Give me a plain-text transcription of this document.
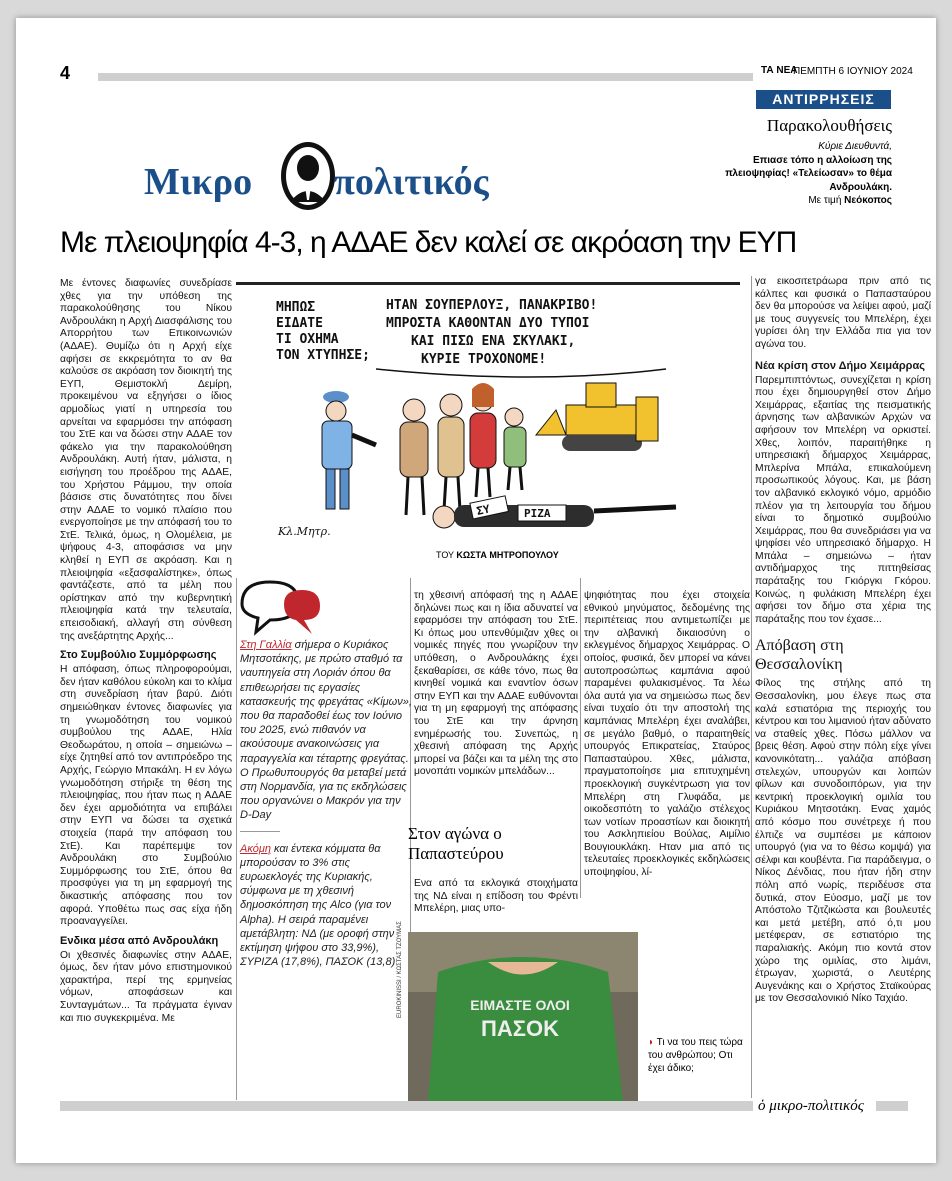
4	ΤΑ ΝΕΑ
ΠΕΜΠΤΗ 6 ΙΟΥΝΙΟΥ 2024
ΑΝΤΙΡΡΗΣΕΙΣ
Παρακολουθήσεις
Κύριε Διευθυντά,
Επιασε τόπο η αλλοίωση της πλειοψηφίας! «Τελείωσαν» το θέμα Ανδρουλάκη.
Με τιμή Νεόκοπος
Μικρο πολιτικός
Με πλειοψηφία 4-3, η ΑΔΑΕ δεν καλεί σε ακρόαση την ΕΥΠ

Με έντονες διαφωνίες συνεδρίασε χθες για την υπόθεση της παρακολούθησης του Νίκου Ανδρουλάκη η Αρχή Διασφάλισης του Απορρήτου των Επικοινωνιών (ΑΔΑΕ). Θυμίζω ότι η Αρχή είχε αφήσει σε εκκρεμότητα το αν θα καλούσε σε ακρόαση τον διοικητή της ΕΥΠ, Θεμιστοκλή Δεμίρη, προκειμένου να εξηγήσει ο ίδιος αρμοδίως γιατί η υπηρεσία του αρνείται να εφαρμόσει την απόφαση του ΣτΕ και να δώσει στην ΑΔΑΕ τον φάκελο για την παρακολούθηση Ανδρουλάκη. Αυτή ήταν, μάλιστα, η εισήγηση του προέδρου της ΑΔΑΕ, του Χρήστου Ράμμου, την οποία βάσισε στις δυνατότητες που δίνει στην ΑΔΑΕ το νομικό πλαίσιο που ενεργοποίησε με την απόφασή του το ΣτΕ. Τελικά, όμως, η Ολομέλεια, με ψήφους 4-3, αποφάσισε να μην κληθεί η ΕΥΠ σε ακρόαση. Και η πλειοψηφία «εξασφαλίστηκε», όπως φαντάζεστε, από τα μέλη που ορίστηκαν από την κυβερνητική πλειοψηφία κατά την τελευταία, επεισοδιακή, αλλαγή στη σύνθεση της ανεξάρτητης Αρχής...

Στο Συμβούλιο Συμμόρφωσης

Η απόφαση, όπως πληροφορούμαι, δεν ήταν καθόλου εύκολη και το κλίμα στη συνεδρίαση ήταν βαρύ. Διότι σημειώθηκαν έντονες διαφωνίες για τη γνωμοδότηση του νομικού συμβούλου της ΑΔΑΕ, Ηλία Θεοδωράτου, η οποία – σημειώνω – είχε ζητηθεί από τον αντιπρόεδρο της Αρχής, Γεώργιο Μπακάλη. Η εν λόγω γνωμοδότηση στήριξε τη θέση της πλειοψηφίας, που ήταν πως η ΑΔΑΕ δεν έχει αρμοδιότητα να επιβάλει στην ΕΥΠ να δώσει τα σχετικά στοιχεία (παρά την απόφαση του ΣτΕ). Και παρέπεμψε τον Ανδρουλάκη στο Συμβούλιο Συμμόρφωσης του ΣτΕ, όπου θα προσφύγει για τη μη εφαρμογή της δικαστικής απόφασης που τον αφορά. Υποθέτω πως σας είχα ήδη προαναγγείλει.

Ενδικα μέσα από Ανδρουλάκη

Οι χθεσινές διαφωνίες στην ΑΔΑΕ, όμως, δεν ήταν μόνο επιστημονικού χαρακτήρα, περί της ερμηνείας νόμων, αποφάσεων και Συνταγμάτων... Τα πράγματα έγιναν και πιο συγκεκριμένα. Με

ΜΗΠΩΣ
ΕΙΔΑΤΕ
ΤΙ ΟΧΗΜΑ
ΤΟΝ ΧΤΥΠΗΣΕ;
ΗΤΑΝ ΣΟΥΠΕΡΛΟΥΞ, ΠΑΝΑΚΡΙΒΟ!
ΜΠΡΟΣΤΑ ΚΑΘΟΝΤΑΝ ΔΥΟ ΤΥΠΟΙ
ΚΑΙ ΠΙΣΩ ΕΝΑ ΣΚΥΛΑΚΙ,
ΚΥΡΙΕ ΤΡΟΧΟΝΟΜΕ!
ΣΥ	ΡΙΖΑ
Κλ.Μητρ.
ΤΟΥ ΚΩΣΤΑ ΜΗΤΡΟΠΟΥΛΟΥ

Στη Γαλλία σήμερα ο Κυριάκος Μητσοτάκης, με πρώτο σταθμό τα ναυπηγεία στη Λοριάν όπου θα επιθεωρήσει τις εργασίες κατασκευής της φρεγάτας «Κίμων», που θα παραδοθεί έως τον Ιούνιο του 2025, ενώ πιθανόν να ακούσουμε ανακοινώσεις για παραγγελία και τέταρτης φρεγάτας. Ο Πρωθυπουργός θα μεταβεί μετά στη Νορμανδία, για τις εκδηλώσεις που οργανώνει ο Μακρόν για την D-Day

Ακόμη και έντεκα κόμματα θα μπορούσαν το 3% στις ευρωεκλογές της Κυριακής, σύμφωνα με τη χθεσινή δημοσκόπηση της Alco (για τον Alpha). Η σειρά παραμένει αμετάβλητη: ΝΔ (με οροφή στην εκτίμηση ψήφου στο 33,9%), ΣΥΡΙΖΑ (17,8%), ΠΑΣΟΚ (13,8)

τη χθεσινή απόφασή της η ΑΔΑΕ δηλώνει πως και η ίδια αδυνατεί να εφαρμόσει την απόφαση του ΣτΕ. Κι όπως μου υπενθύμιζαν χθες οι νομικές πηγές που γνωρίζουν την υπόθεση, ο Ανδρουλάκης έχει ξεκαθαρίσει, σε κάθε τόνο, πως θα κινηθεί νομικά και εναντίον όσων στην ΕΥΠ και την ΑΔΑΕ ευθύνονται για τη μη εφαρμογή της απόφασης του ΣτΕ και την άρνηση ενημέρωσής του. Συνεπώς, η χθεσινή απόφαση της Αρχής μπορεί να βάζει και τα μέλη της στο μονοπάτι νομικών μπελάδων...

Στον αγώνα ο Παπαστεύρου

Ενα από τα εκλογικά στοιχήματα της ΝΔ είναι η επίδοση του Φρέντι Μπελέρη, μιας υπο-

ψηφιότητας που έχει στοιχεία εθνικού μηνύματος, δεδομένης της περιπέτειας που αντιμετωπίζει με την αλβανική δικαιοσύνη ο εκλεγμένος δήμαρχος Χειμάρρας. Ο οποίος, φυσικά, δεν μπορεί να κάνει αυτοπροσώπως καμπάνια αφού παραμένει φυλακισμένος. Τα λέω όλα αυτά για να σημειώσω πως δεν είναι τυχαίο ότι την αποστολή της καμπάνιας Μπελέρη έχει αναλάβει, σε μεγάλο βαθμό, ο παραιτηθείς υπουργός Επικρατείας, Σταύρος Παπασταύρου. Χθες, μάλιστα, πραγματοποίησε μια επιτυχημένη προεκλογική συγκέντρωση για τον Μπελέρη στη Γλυφάδα, με οικοδεσπότη το γαλάζιο στέλεχος των νοτίων προαστίων και διοικητή του Ασκληπιείου Βούλας, Αιμίλιο Βουγιουκλάκη. Ηταν μια από τις τελευταίες προεκλογικές εκδηλώσεις υποψηφίου, λί-

ΕΙΜΑΣΤΕ ΟΛΟΙ
ΠΑΣΟΚ
EUROKINISSI / ΚΩΣΤΑΣ ΤΖΟΥΜΑΣ
◗ Τι να του πεις τώρα του ανθρώπου; Οτι έχει άδικο;

γα εικοσιτετράωρα πριν από τις κάλπες και φυσικά ο Παπασταύρου δεν θα μπορούσε να λείψει αφού, μαζί με τους συγγενείς του Μπελέρη, έχει γυρίσει όλη την Ελλάδα πια για τον αγώνα του.

Νέα κρίση στον Δήμο Χειμάρρας

Παρεμπιπτόντως, συνεχίζεται η κρίση που έχει δημιουργηθεί στον Δήμο Χειμάρρας, εξαιτίας της πεισματικής άρνησης των αλβανικών Αρχών να αφήσουν τον Μπελέρη να ορκιστεί. Χθες, λοιπόν, παραιτήθηκε η υπηρεσιακή δήμαρχος Χειμάρρας, Μπλερίνα Μπάλα, επικαλούμενη προσωπικούς λόγους. Και, με βάση τον αλβανικό εκλογικό νόμο, αρμόδιο πλέον για τη λειτουργία του δήμου είναι το δημοτικό συμβούλιο Χειμάρρας, που θα συνεδριάσει για να ψηφίσει νέο υπηρεσιακό δήμαρχο. Η Μπάλα – σημειώνω – ήταν αντιδήμαρχος της πιττηθείσας παράταξης του Γκιόργκι Γκόρου. Κοινώς, η φυλάκιση Μπελέρη έχει αφήσει τον δήμο στα χέρια της παράταξης που τον έχασε...

Απόβαση στη Θεσσαλονίκη

Φίλος της στήλης από τη Θεσσαλονίκη, μου έλεγε πως στα καλά εστιατόρια της περιοχής του κέντρου και του λιμανιού ήταν αδύνατο να σταθείς χθες. Πόσω μάλλον να βρεις θέση. Αφού στην πόλη είχε γίνει κανονικότατη... γαλάζια απόβαση στελεχών, υπουργών και λοιπών φίλων και συνοδοιπόρων, για την κεντρική προεκλογική ομιλία του Κυριάκου Μητσοτάκη. Ενας χαμός από κόσμο που συνέτρεχε ή που έλπιζε να συμπέσει με κάποιον υπουργό (για να το θέσω κομψά) για σέλφι και κουβέντα. Για παράδειγμα, ο Νίκος Δένδιας, που ήταν ήδη στην πόλη από νωρίς, περιδέυσε στα δυτικά, στον Εύοσμο, μαζί με τον Απόστολο Τζιτζικώστα και βουλευτές και μετά μετέβη, από ό,τι μου μετέφεραν, σε εστιατόριο της παραλιακής. Ακόμη πιο κοντά στον χώρο της ομιλίας, στο λιμάνι, έτρωγαν, χωριστά, ο Λευτέρης Αυγενάκης και ο Χρήστος Σταϊκούρας με τον Θεσσαλονικιό Νίκο Ταχιάο.

ὁ μικρο-πολιτικός
